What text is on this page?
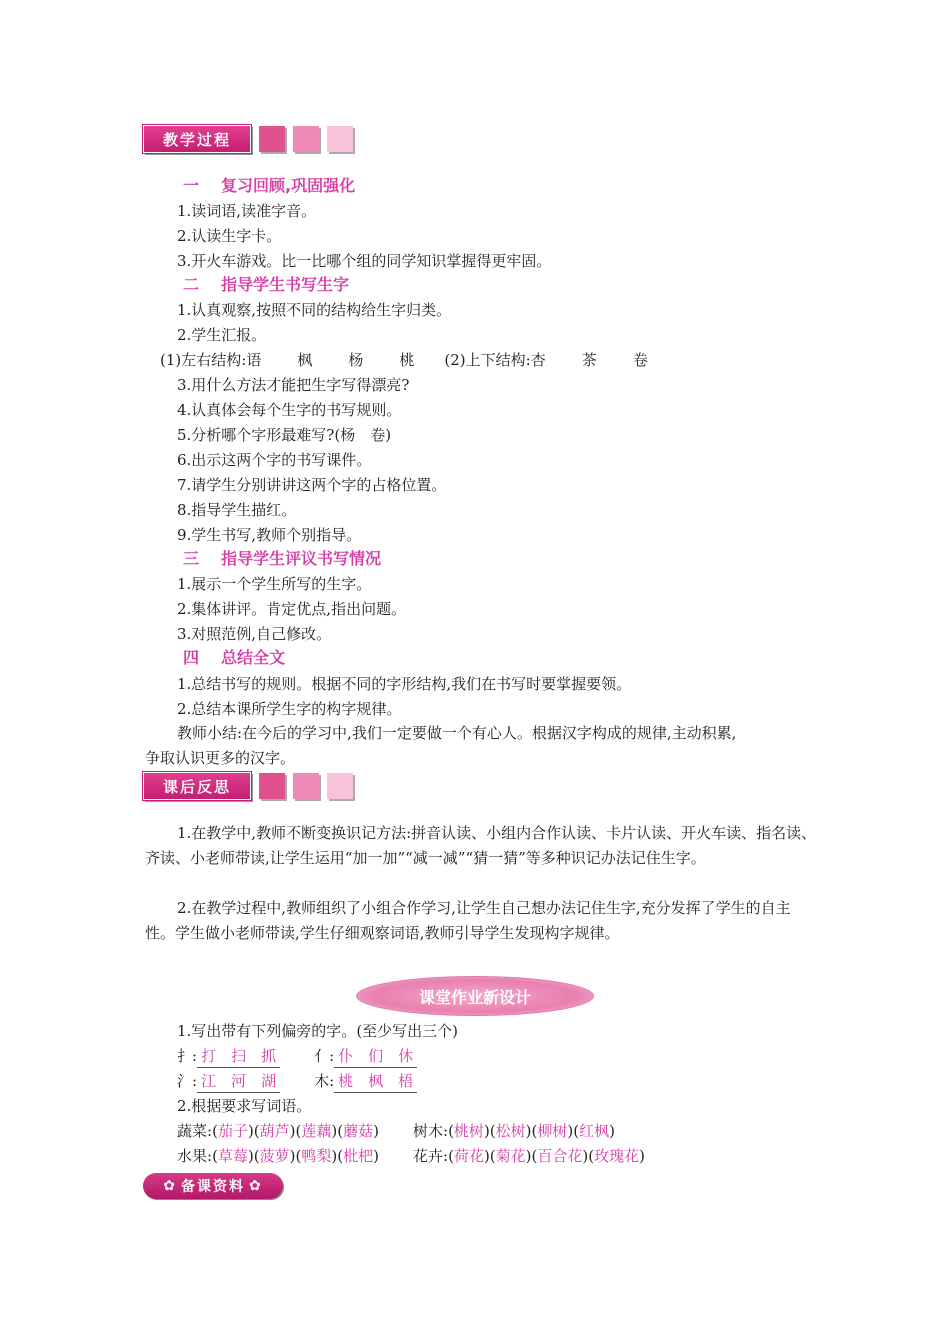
教学过程
一 复习回顾,巩固强化
1.读词语,读准字音。
2.认读生字卡。
3.开火车游戏。比一比哪个组的同学知识掌握得更牢固。
二 指导学生书写生字
1.认真观察,按照不同的结构给生字归类。
2.学生汇报。
(1)左右结构:语 枫 杨 桃 (2)上下结构:杏 茶 卷
3.用什么方法才能把生字写得漂亮?
4.认真体会每个生字的书写规则。
5.分析哪个字形最难写?(杨　卷)
6.出示这两个字的书写课件。
7.请学生分别讲讲这两个字的占格位置。
8.指导学生描红。
9.学生书写,教师个别指导。
三 指导学生评议书写情况
1.展示一个学生所写的生字。
2.集体讲评。肯定优点,指出问题。
3.对照范例,自己修改。
四 总结全文
1.总结书写的规则。根据不同的字形结构,我们在书写时要掌握要领。
2.总结本课所学生字的构字规律。
教师小结:在今后的学习中,我们一定要做一个有心人。根据汉字构成的规律,主动积累,
争取认识更多的汉字。
课后反思
1.在教学中,教师不断变换识记方法:拼音认读、小组内合作认读、卡片认读、开火车读、指名读、齐读、小老师带读,让学生运用“加一加”“减一减”“猜一猜”等多种识记办法记住生字。
2.在教学过程中,教师组织了小组合作学习,让学生自己想办法记住生字,充分发挥了学生的自主性。学生做小老师带读,学生仔细观察词语,教师引导学生发现构字规律。
课堂作业新设计
1.写出带有下列偏旁的字。(至少写出三个)
扌: 打　扫　抓	亻: 仆　们　休
氵: 江　河　湖	木: 桃　枫　梧
2.根据要求写词语。
蔬菜:(茄子)(葫芦)(莲藕)(蘑菇) 树木:(桃树)(松树)(柳树)(红枫)
水果:(草莓)(菠萝)(鸭梨)(枇杷) 花卉:(荷花)(菊花)(百合花)(玫瑰花)
✿ 备课资料 ✿
